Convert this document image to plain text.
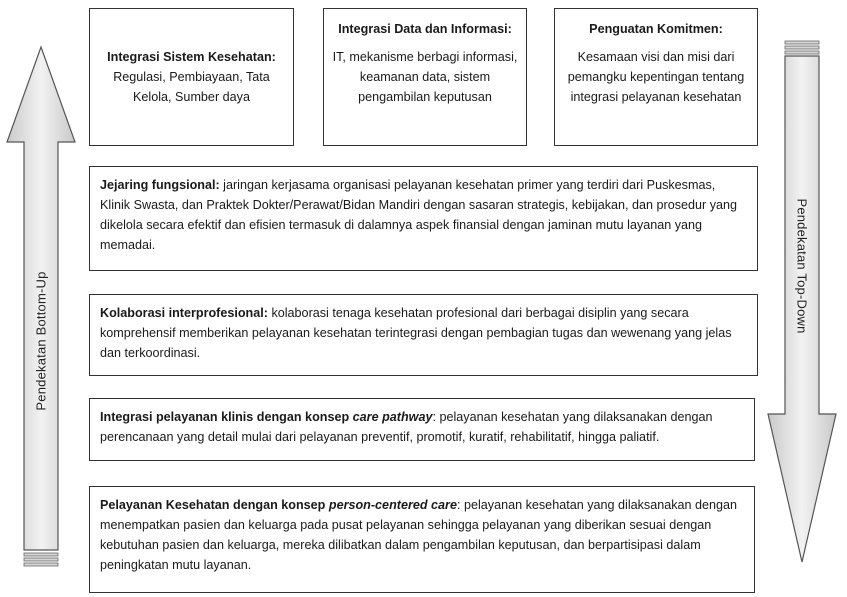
Pendekatan Bottom-Up
Pendekatan Top-Down
Integrasi Sistem Kesehatan:
Regulasi, Pembiayaan, Tata Kelola, Sumber daya
Integrasi Data dan Informasi:
IT, mekanisme berbagi informasi, keamanan data, sistem pengambilan keputusan
Penguatan Komitmen:
Kesamaan visi dan misi dari pemangku kepentingan tentang integrasi pelayanan kesehatan
Jejaring fungsional: jaringan kerjasama organisasi pelayanan kesehatan primer yang terdiri dari Puskesmas, Klinik Swasta, dan Praktek Dokter/Perawat/Bidan Mandiri dengan sasaran strategis, kebijakan, dan prosedur yang dikelola secara efektif dan efisien termasuk di dalamnya aspek finansial dengan jaminan mutu layanan yang memadai.
Kolaborasi interprofesional: kolaborasi tenaga kesehatan profesional dari berbagai disiplin yang secara komprehensif memberikan pelayanan kesehatan terintegrasi dengan pembagian tugas dan wewenang yang jelas dan terkoordinasi.
Integrasi pelayanan klinis dengan konsep care pathway: pelayanan kesehatan yang dilaksanakan dengan perencanaan yang detail mulai dari pelayanan preventif, promotif, kuratif, rehabilitatif, hingga paliatif.
Pelayanan Kesehatan dengan konsep person-centered care: pelayanan kesehatan yang dilaksanakan dengan menempatkan pasien dan keluarga pada pusat pelayanan sehingga pelayanan yang diberikan sesuai dengan kebutuhan pasien dan keluarga, mereka dilibatkan dalam pengambilan keputusan, dan berpartisipasi dalam peningkatan mutu layanan.
